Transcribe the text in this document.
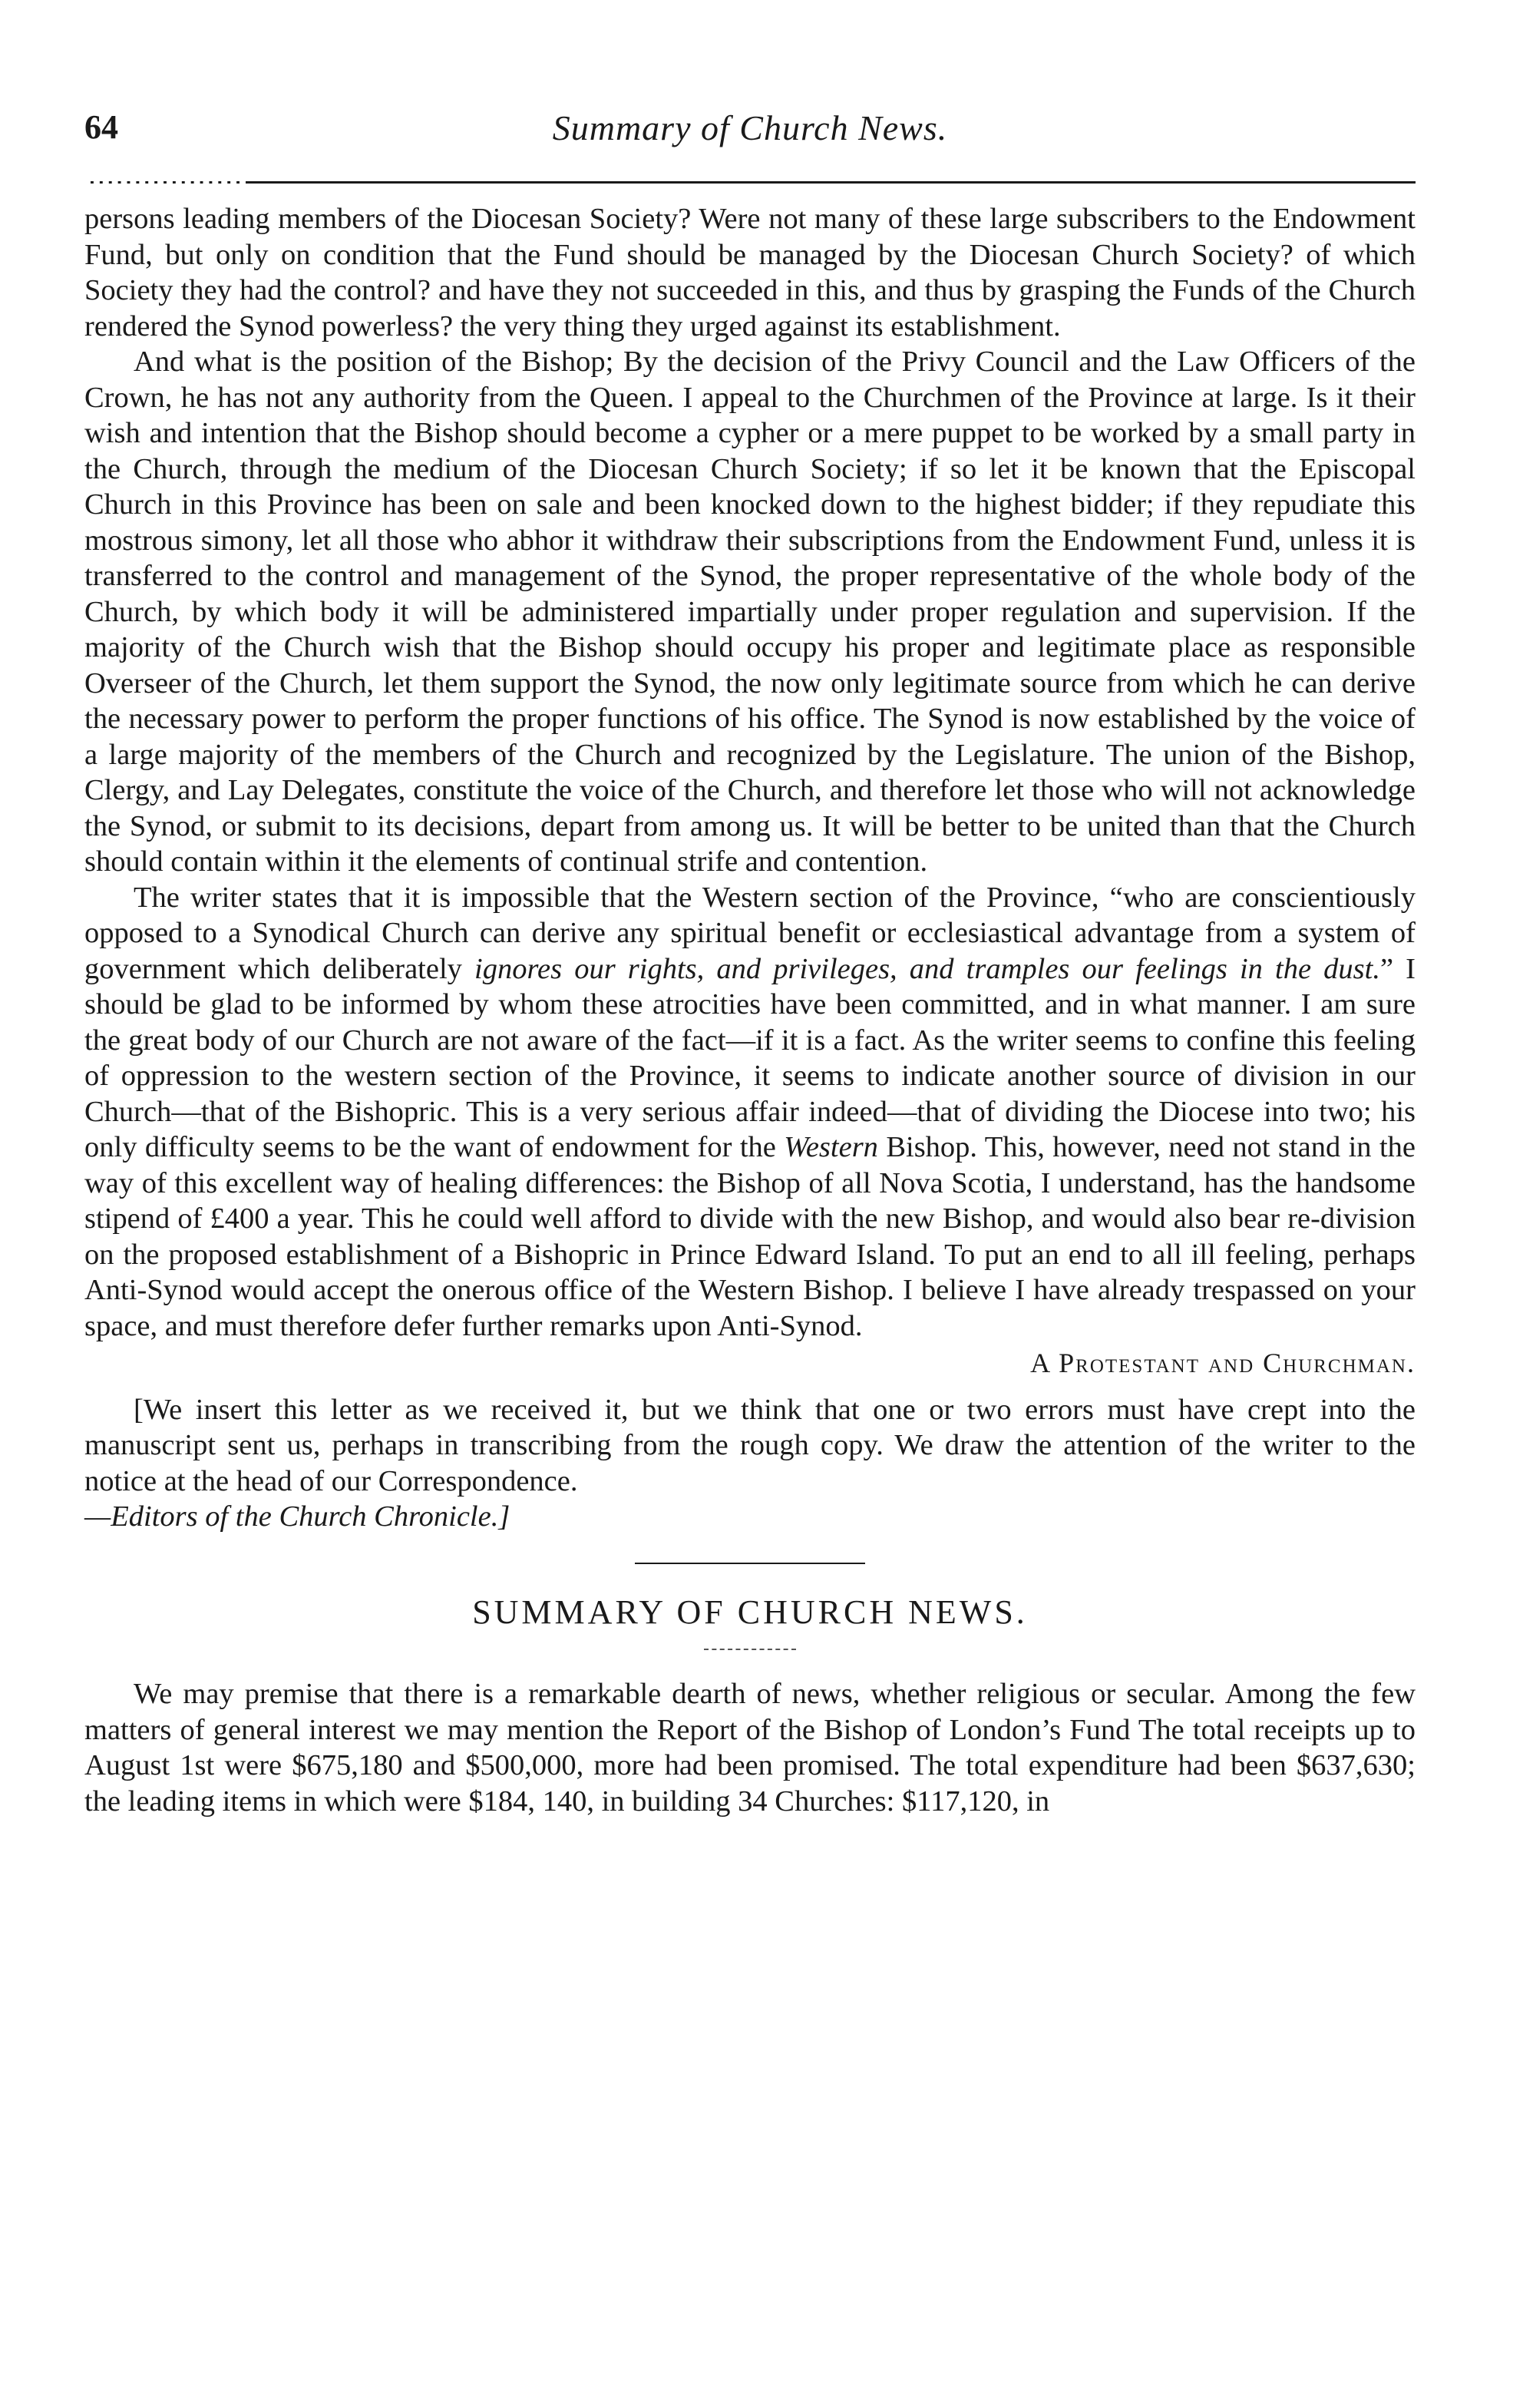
64	Summary of Church News.

persons leading members of the Diocesan Society? Were not many of these large subscribers to the Endowment Fund, but only on condition that the Fund should be managed by the Diocesan Church Society? of which Society they had the control? and have they not succeeded in this, and thus by grasping the Funds of the Church rendered the Synod powerless? the very thing they urged against its establishment.

And what is the position of the Bishop; By the decision of the Privy Council and the Law Officers of the Crown, he has not any authority from the Queen. I appeal to the Churchmen of the Province at large. Is it their wish and intention that the Bishop should become a cypher or a mere puppet to be worked by a small party in the Church, through the medium of the Diocesan Church Society; if so let it be known that the Episcopal Church in this Province has been on sale and been knocked down to the highest bidder; if they repudiate this mostrous simony, let all those who abhor it withdraw their subscriptions from the Endowment Fund, unless it is transferred to the control and management of the Synod, the proper representative of the whole body of the Church, by which body it will be administered impartially under proper regulation and supervision. If the majority of the Church wish that the Bishop should occupy his proper and legitimate place as responsible Overseer of the Church, let them support the Synod, the now only legitimate source from which he can derive the necessary power to perform the proper functions of his office. The Synod is now established by the voice of a large majority of the members of the Church and recognized by the Legislature. The union of the Bishop, Clergy, and Lay Delegates, constitute the voice of the Church, and therefore let those who will not acknowledge the Synod, or submit to its decisions, depart from among us. It will be better to be united than that the Church should contain within it the elements of continual strife and contention.

The writer states that it is impossible that the Western section of the Province, “who are conscientiously opposed to a Synodical Church can derive any spiritual benefit or ecclesiastical advantage from a system of government which deliberately ignores our rights, and privileges, and tramples our feelings in the dust.” I should be glad to be informed by whom these atrocities have been committed, and in what manner. I am sure the great body of our Church are not aware of the fact—if it is a fact. As the writer seems to confine this feeling of oppression to the western section of the Province, it seems to indicate another source of division in our Church—that of the Bishopric. This is a very serious affair indeed—that of dividing the Diocese into two; his only difficulty seems to be the want of endowment for the Western Bishop. This, however, need not stand in the way of this excellent way of healing differences: the Bishop of all Nova Scotia, I understand, has the handsome stipend of £400 a year. This he could well afford to divide with the new Bishop, and would also bear re-division on the proposed establishment of a Bishopric in Prince Edward Island. To put an end to all ill feeling, perhaps Anti-Synod would accept the onerous office of the Western Bishop. I believe I have already trespassed on your space, and must therefore defer further remarks upon Anti-Synod.

A Protestant and Churchman.

[We insert this letter as we received it, but we think that one or two errors must have crept into the manuscript sent us, perhaps in transcribing from the rough copy. We draw the attention of the writer to the notice at the head of our Correspondence.
—Editors of the Church Chronicle.]

SUMMARY OF CHURCH NEWS.

We may premise that there is a remarkable dearth of news, whether religious or secular. Among the few matters of general interest we may mention the Report of the Bishop of London’s Fund The total receipts up to August 1st were $675,180 and $500,000, more had been promised. The total expenditure had been $637,630; the leading items in which were $184, 140, in building 34 Churches: $117,120, in
